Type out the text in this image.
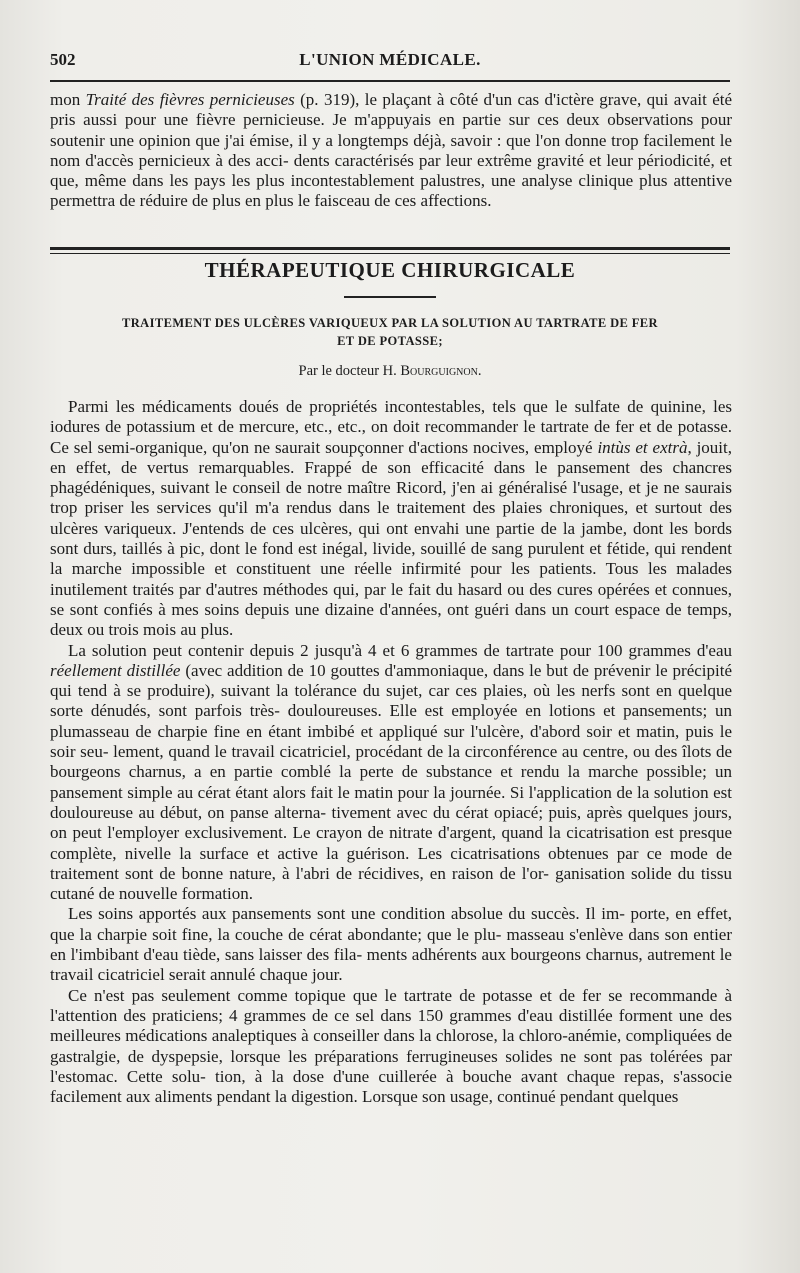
502	L'UNION MÉDICALE.

mon Traité des fièvres pernicieuses (p. 319), le plaçant à côté d'un cas d'ictère grave, qui avait été pris aussi pour une fièvre pernicieuse. Je m'appuyais en partie sur ces deux observations pour soutenir une opinion que j'ai émise, il y a longtemps déjà, savoir : que l'on donne trop facilement le nom d'accès pernicieux à des acci- dents caractérisés par leur extrême gravité et leur périodicité, et que, même dans les pays les plus incontestablement palustres, une analyse clinique plus attentive permettra de réduire de plus en plus le faisceau de ces affections.

THÉRAPEUTIQUE CHIRURGICALE
TRAITEMENT DES ULCÈRES VARIQUEUX PAR LA SOLUTION AU TARTRATE DE FER
ET DE POTASSE;
Par le docteur H. Bourguignon.

Parmi les médicaments doués de propriétés incontestables, tels que le sulfate de quinine, les iodures de potassium et de mercure, etc., etc., on doit recommander le tartrate de fer et de potasse. Ce sel semi-organique, qu'on ne saurait soupçonner d'actions nocives, employé intùs et extrà, jouit, en effet, de vertus remarquables. Frappé de son efficacité dans le pansement des chancres phagédéniques, suivant le conseil de notre maître Ricord, j'en ai généralisé l'usage, et je ne saurais trop priser les services qu'il m'a rendus dans le traitement des plaies chroniques, et surtout des ulcères variqueux. J'entends de ces ulcères, qui ont envahi une partie de la jambe, dont les bords sont durs, taillés à pic, dont le fond est inégal, livide, souillé de sang purulent et fétide, qui rendent la marche impossible et constituent une réelle infirmité pour les patients. Tous les malades inutilement traités par d'autres méthodes qui, par le fait du hasard ou des cures opérées et connues, se sont confiés à mes soins depuis une dizaine d'années, ont guéri dans un court espace de temps, deux ou trois mois au plus.

La solution peut contenir depuis 2 jusqu'à 4 et 6 grammes de tartrate pour 100 grammes d'eau réellement distillée (avec addition de 10 gouttes d'ammoniaque, dans le but de prévenir le précipité qui tend à se produire), suivant la tolérance du sujet, car ces plaies, où les nerfs sont en quelque sorte dénudés, sont parfois très- douloureuses. Elle est employée en lotions et pansements; un plumasseau de charpie fine en étant imbibé et appliqué sur l'ulcère, d'abord soir et matin, puis le soir seu- lement, quand le travail cicatriciel, procédant de la circonférence au centre, ou des îlots de bourgeons charnus, a en partie comblé la perte de substance et rendu la marche possible; un pansement simple au cérat étant alors fait le matin pour la journée. Si l'application de la solution est douloureuse au début, on panse alterna- tivement avec du cérat opiacé; puis, après quelques jours, on peut l'employer exclusivement. Le crayon de nitrate d'argent, quand la cicatrisation est presque complète, nivelle la surface et active la guérison. Les cicatrisations obtenues par ce mode de traitement sont de bonne nature, à l'abri de récidives, en raison de l'or- ganisation solide du tissu cutané de nouvelle formation.

Les soins apportés aux pansements sont une condition absolue du succès. Il im- porte, en effet, que la charpie soit fine, la couche de cérat abondante; que le plu- masseau s'enlève dans son entier en l'imbibant d'eau tiède, sans laisser des fila- ments adhérents aux bourgeons charnus, autrement le travail cicatriciel serait annulé chaque jour.

Ce n'est pas seulement comme topique que le tartrate de potasse et de fer se recommande à l'attention des praticiens; 4 grammes de ce sel dans 150 grammes d'eau distillée forment une des meilleures médications analeptiques à conseiller dans la chlorose, la chloro-anémie, compliquées de gastralgie, de dyspepsie, lorsque les préparations ferrugineuses solides ne sont pas tolérées par l'estomac. Cette solu- tion, à la dose d'une cuillerée à bouche avant chaque repas, s'associe facilement aux aliments pendant la digestion. Lorsque son usage, continué pendant quelques
